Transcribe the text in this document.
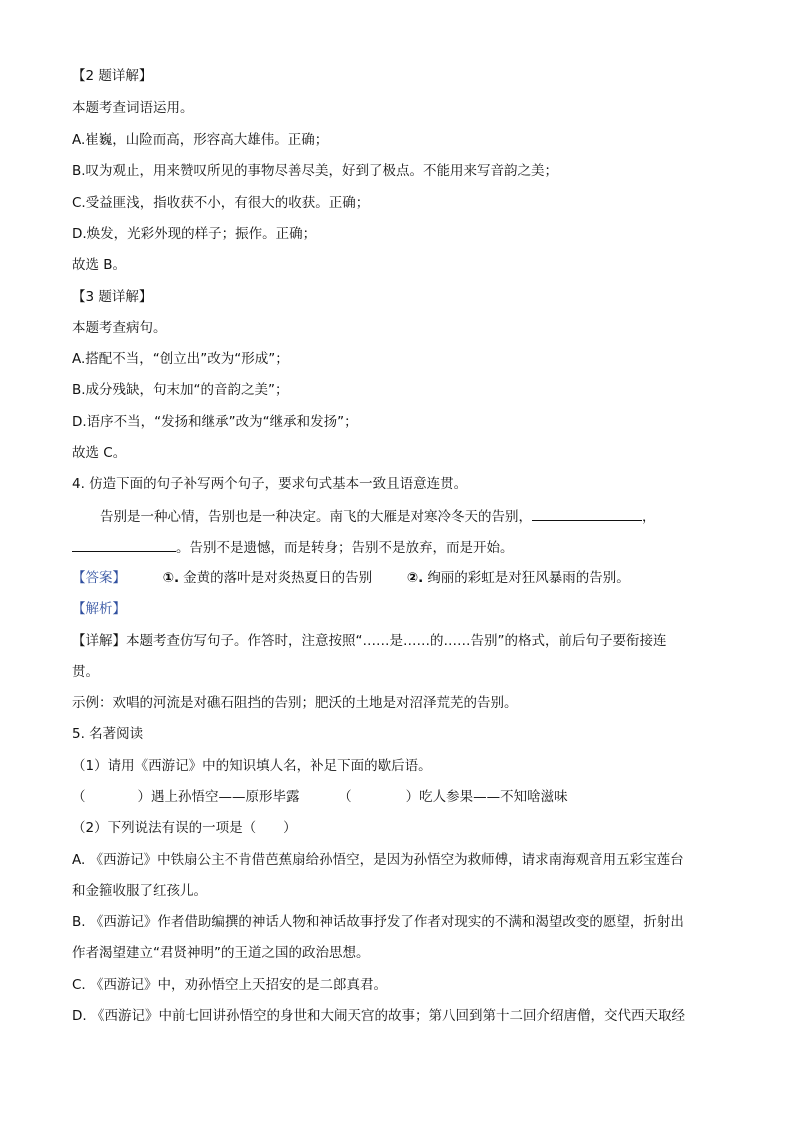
【2 题详解】
本题考查词语运用。
A.崔巍，山险而高，形容高大雄伟。正确；
B.叹为观止，用来赞叹所见的事物尽善尽美，好到了极点。不能用来写音韵之美；
C.受益匪浅，指收获不小，有很大的收获。正确；
D.焕发，光彩外现的样子；振作。正确；
故选 B。
【3 题详解】
本题考查病句。
A.搭配不当，“创立出”改为“形成”；
B.成分残缺，句末加“的音韵之美”；
D.语序不当，“发扬和继承”改为“继承和发扬”；
故选 C。
4. 仿造下面的句子补写两个句子，要求句式基本一致且语意连贯。
告别是一种心情，告别也是一种决定。南飞的大雁是对寒冷冬天的告别，	，
。告别不是遗憾，而是转身；告别不是放弃，而是开始。
【答案】	①. 金黄的落叶是对炎热夏日的告别	②. 绚丽的彩虹是对狂风暴雨的告别。
【解析】
【详解】本题考查仿写句子。作答时，注意按照“……是……的……告别”的格式，前后句子要衔接连
贯。
示例：欢唱的河流是对礁石阻挡的告别；肥沃的土地是对沼泽荒芜的告别。
5. 名著阅读
（1）请用《西游记》中的知识填人名，补足下面的歇后语。
（	）遇上孙悟空——原形毕露	（	）吃人参果——不知啥滋味
（2）下列说法有误的一项是（　　）
A. 《西游记》中铁扇公主不肯借芭蕉扇给孙悟空，是因为孙悟空为救师傅，请求南海观音用五彩宝莲台
和金箍收服了红孩儿。
B. 《西游记》作者借助编撰的神话人物和神话故事抒发了作者对现实的不满和渴望改变的愿望，折射出
作者渴望建立“君贤神明”的王道之国的政治思想。
C. 《西游记》中，劝孙悟空上天招安的是二郎真君。
D. 《西游记》中前七回讲孙悟空的身世和大闹天宫的故事；第八回到第十二回介绍唐僧，交代西天取经
